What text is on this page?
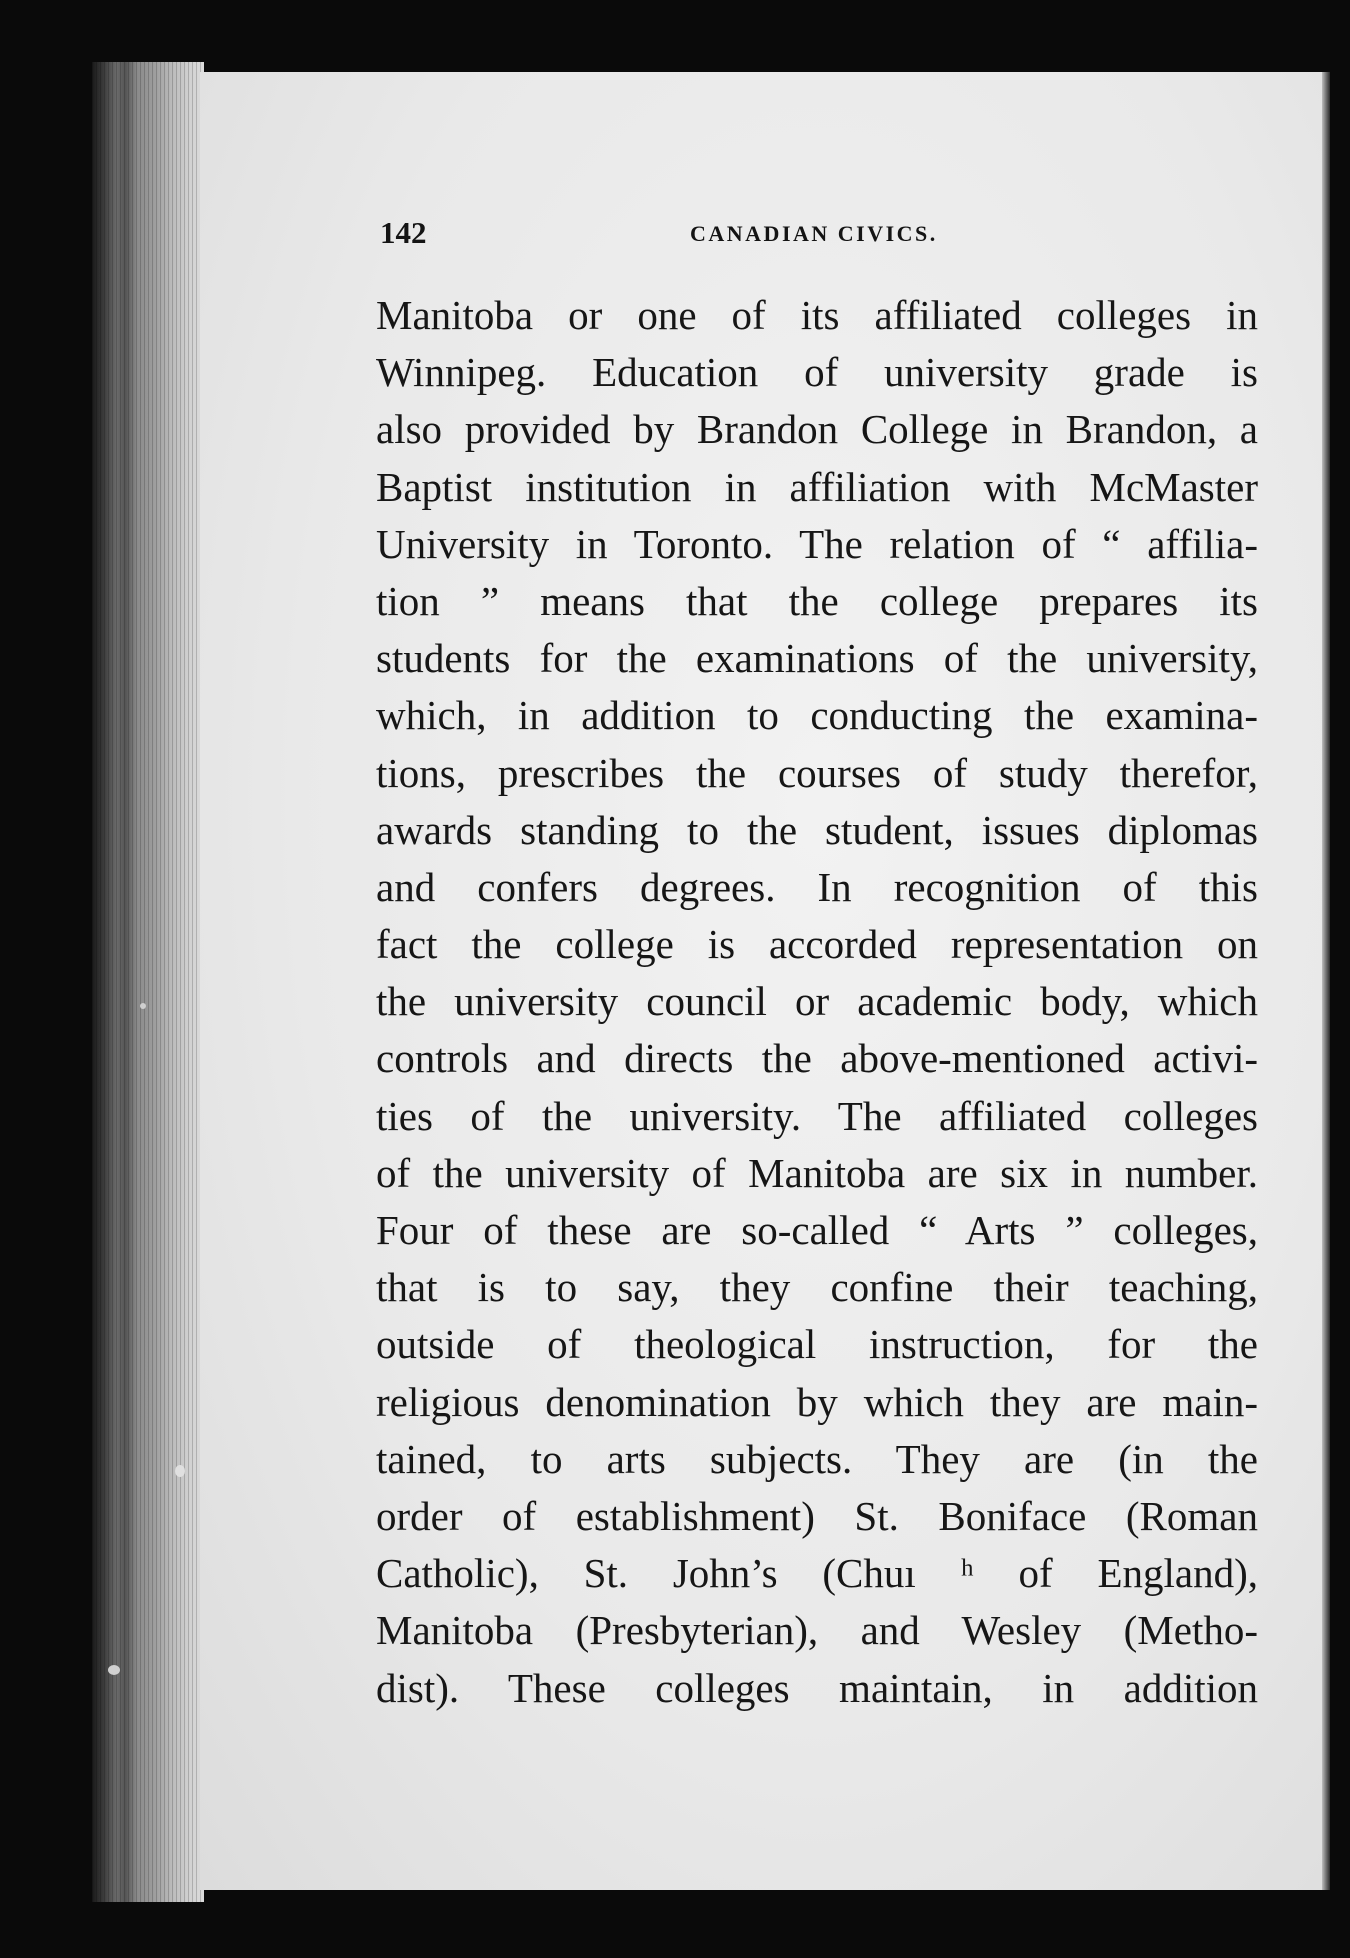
142	CANADIAN CIVICS.
Manitoba or one of its affiliated colleges in
Winnipeg. Education of university grade is
also provided by Brandon College in Brandon, a
Baptist institution in affiliation with McMaster
University in Toronto. The relation of “ affilia-
tion ” means that the college prepares its
students for the examinations of the university,
which, in addition to conducting the examina-
tions, prescribes the courses of study therefor,
awards standing to the student, issues diplomas
and confers degrees. In recognition of this
fact the college is accorded representation on
the university council or academic body, which
controls and directs the above-mentioned activi-
ties of the university. The affiliated colleges
of the university of Manitoba are six in number.
Four of these are so-called “ Arts ” colleges,
that is to say, they confine their teaching,
outside of theological instruction, for the
religious denomination by which they are main-
tained, to arts subjects. They are (in the
order of establishment) St. Boniface (Roman
Catholic), St. John’s (Chuı ʰ of England),
Manitoba (Presbyterian), and Wesley (Metho-
dist). These colleges maintain, in addition
